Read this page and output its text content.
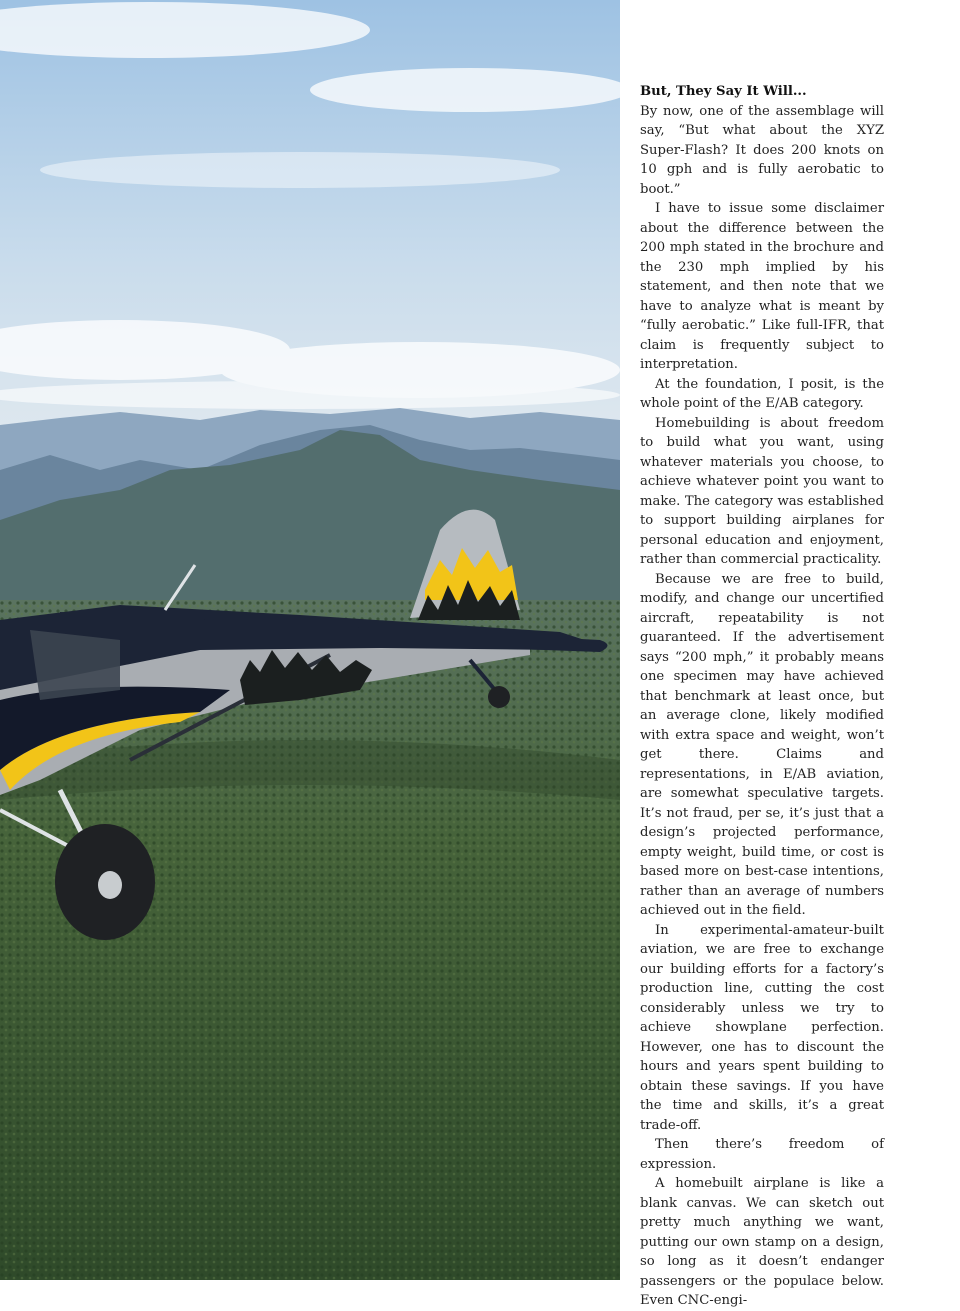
But, They Say It Will...

By now, one of the assemblage will say, “But what about the XYZ Super-Flash? It does 200 knots on 10 gph and is fully aerobatic to boot.”

I have to issue some disclaimer about the difference between the 200 mph stated in the brochure and the 230 mph implied by his statement, and then note that we have to analyze what is meant by “fully aerobatic.” Like full-IFR, that claim is frequently subject to interpretation.

At the foundation, I posit, is the whole point of the E/AB category.

Homebuilding is about freedom to build what you want, using whatever materials you choose, to achieve whatever point you want to make. The category was established to support building airplanes for personal education and enjoyment, rather than commercial practicality.

Because we are free to build, modify, and change our uncertified aircraft, repeatability is not guaranteed. If the advertisement says “200 mph,” it probably means one specimen may have achieved that benchmark at least once, but an average clone, likely modified with extra space and weight, won’t get there. Claims and representations, in E/AB aviation, are somewhat speculative targets. It’s not fraud, per se, it’s just that a design’s projected performance, empty weight, build time, or cost is based more on best-case intentions, rather than an average of numbers achieved out in the field.

In experimental-amateur-built aviation, we are free to exchange our building efforts for a factory’s production line, cutting the cost considerably unless we try to achieve showplane perfection. However, one has to discount the hours and years spent building to obtain these savings. If you have the time and skills, it’s a great trade-off.

Then there’s freedom of expression.

A homebuilt airplane is like a blank canvas. We can sketch out pretty much anything we want, putting our own stamp on a design, so long as it doesn’t endanger passengers or the populace below. Even CNC-engi-
